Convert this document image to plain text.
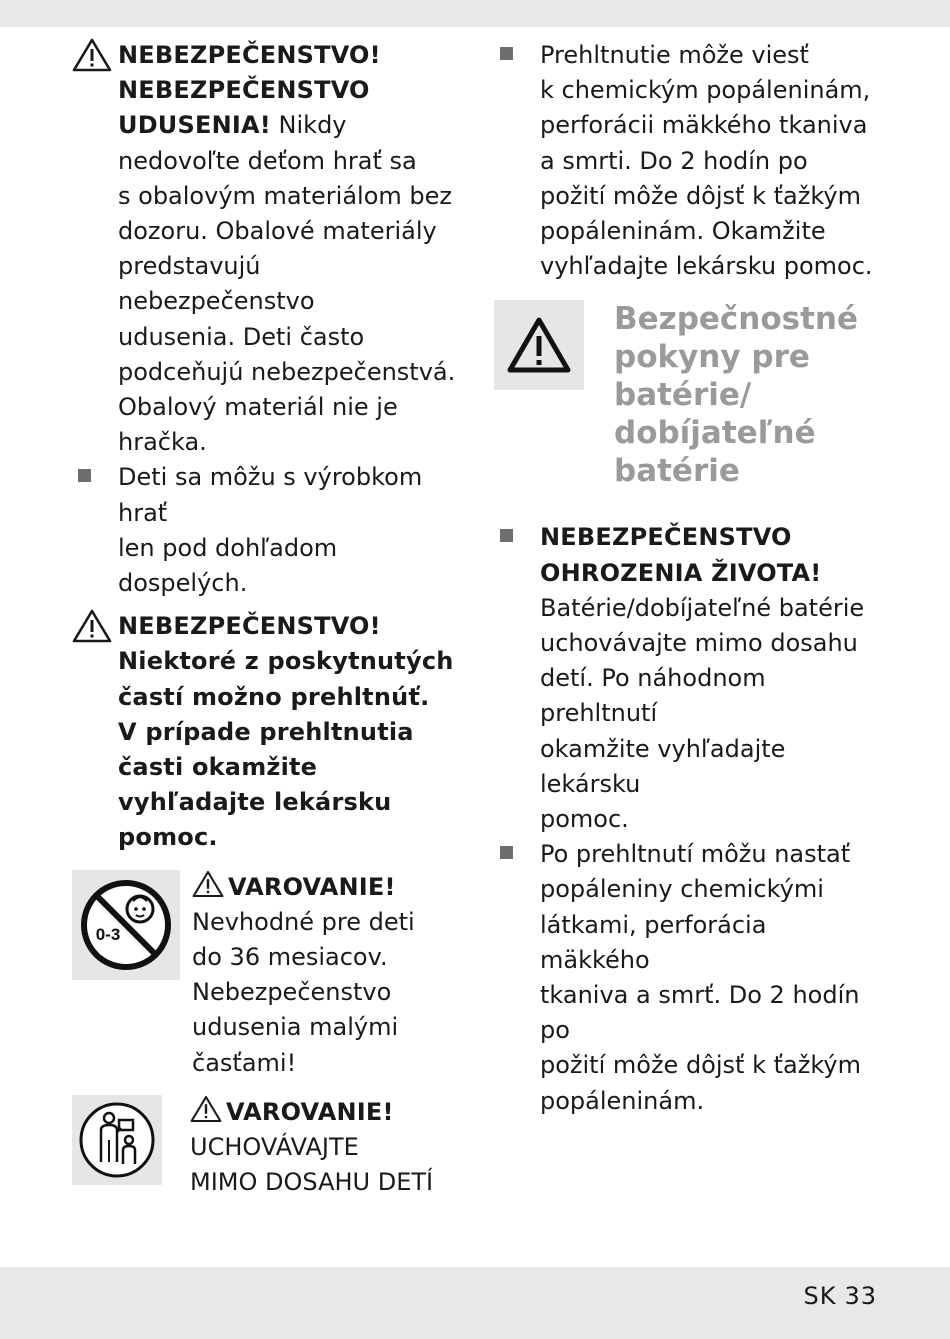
NEBEZPEČENSTVO!
NEBEZPEČENSTVO
UDUSENIA! Nikdy
nedovoľte deťom hrať sa
s obalovým materiálom bez
dozoru. Obalové materiály
predstavujú nebezpečenstvo
udusenia. Deti často
podceňujú nebezpečenstvá.
Obalový materiál nie je
hračka.
Deti sa môžu s výrobkom hrať
len pod dohľadom dospelých.
NEBEZPEČENSTVO!
Niektoré z poskytnutých
častí možno prehltnúť.
V prípade prehltnutia
časti okamžite
vyhľadajte lekársku
pomoc.
0-3
VAROVANIE!
Nevhodné pre deti
do 36 mesiacov.
Nebezpečenstvo
udusenia malými
časťami!
VAROVANIE!
UCHOVÁVAJTE
MIMO DOSAHU DETÍ
Prehltnutie môže viesť
k chemickým popáleninám,
perforácii mäkkého tkaniva
a smrti. Do 2 hodín po
požití môže dôjsť k ťažkým
popáleninám. Okamžite
vyhľadajte lekársku pomoc.
Bezpečnostné
pokyny pre
batérie/
dobíjateľné
batérie
NEBEZPEČENSTVO
OHROZENIA ŽIVOTA!
Batérie/dobíjateľné batérie
uchovávajte mimo dosahu
detí. Po náhodnom prehltnutí
okamžite vyhľadajte lekársku
pomoc.
Po prehltnutí môžu nastať
popáleniny chemickými
látkami, perforácia mäkkého
tkaniva a smrť. Do 2 hodín po
požití môže dôjsť k ťažkým
popáleninám.
SK 33
